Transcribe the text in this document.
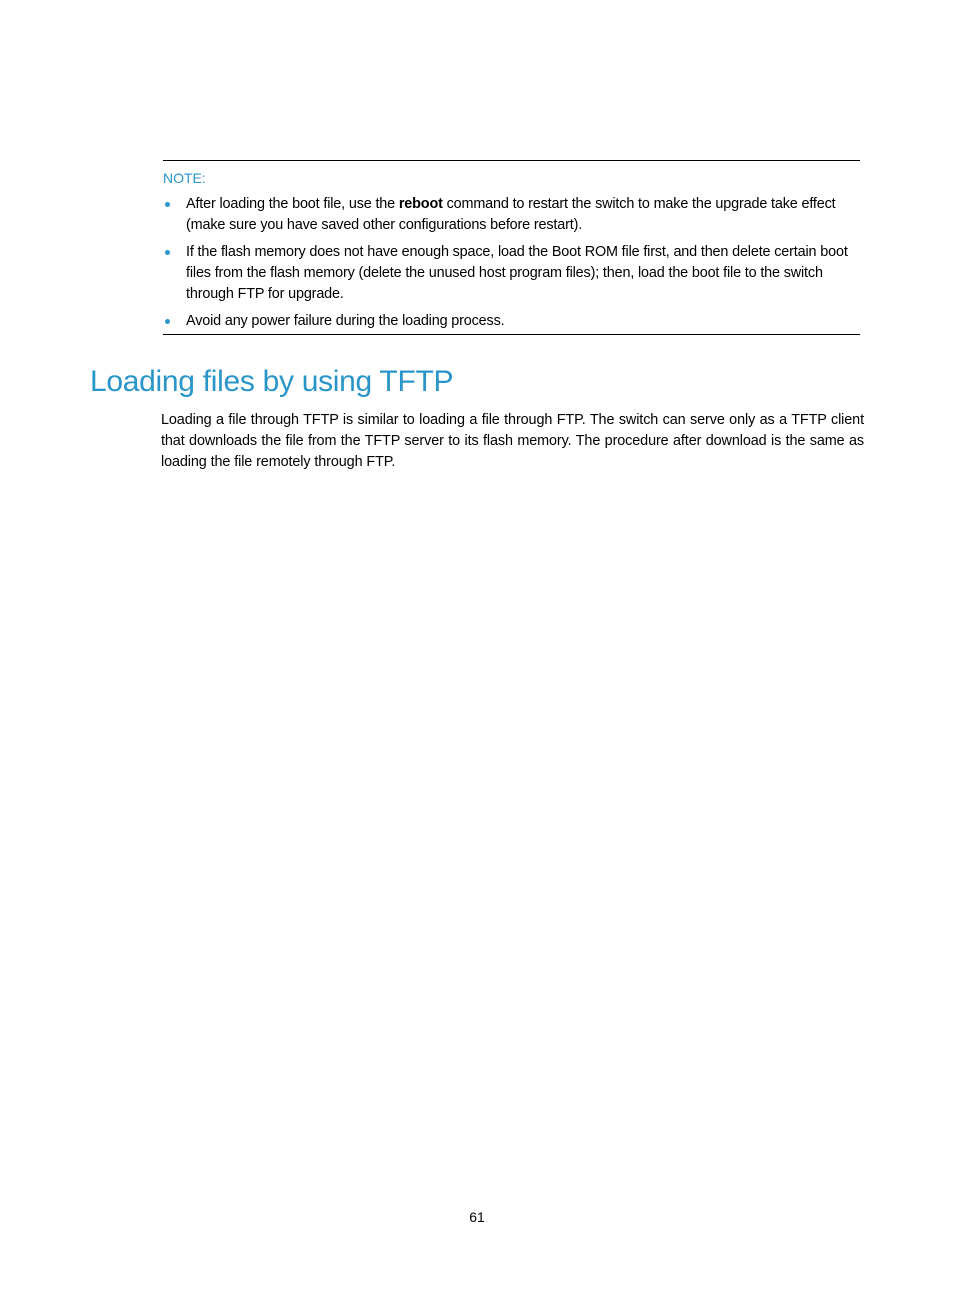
NOTE:
After loading the boot file, use the reboot command to restart the switch to make the upgrade take effect (make sure you have saved other configurations before restart).
If the flash memory does not have enough space, load the Boot ROM file first, and then delete certain boot files from the flash memory (delete the unused host program files); then, load the boot file to the switch through FTP for upgrade.
Avoid any power failure during the loading process.
Loading files by using TFTP

Loading a file through TFTP is similar to loading a file through FTP. The switch can serve only as a TFTP client that downloads the file from the TFTP server to its flash memory. The procedure after download is the same as loading the file remotely through FTP.

61
